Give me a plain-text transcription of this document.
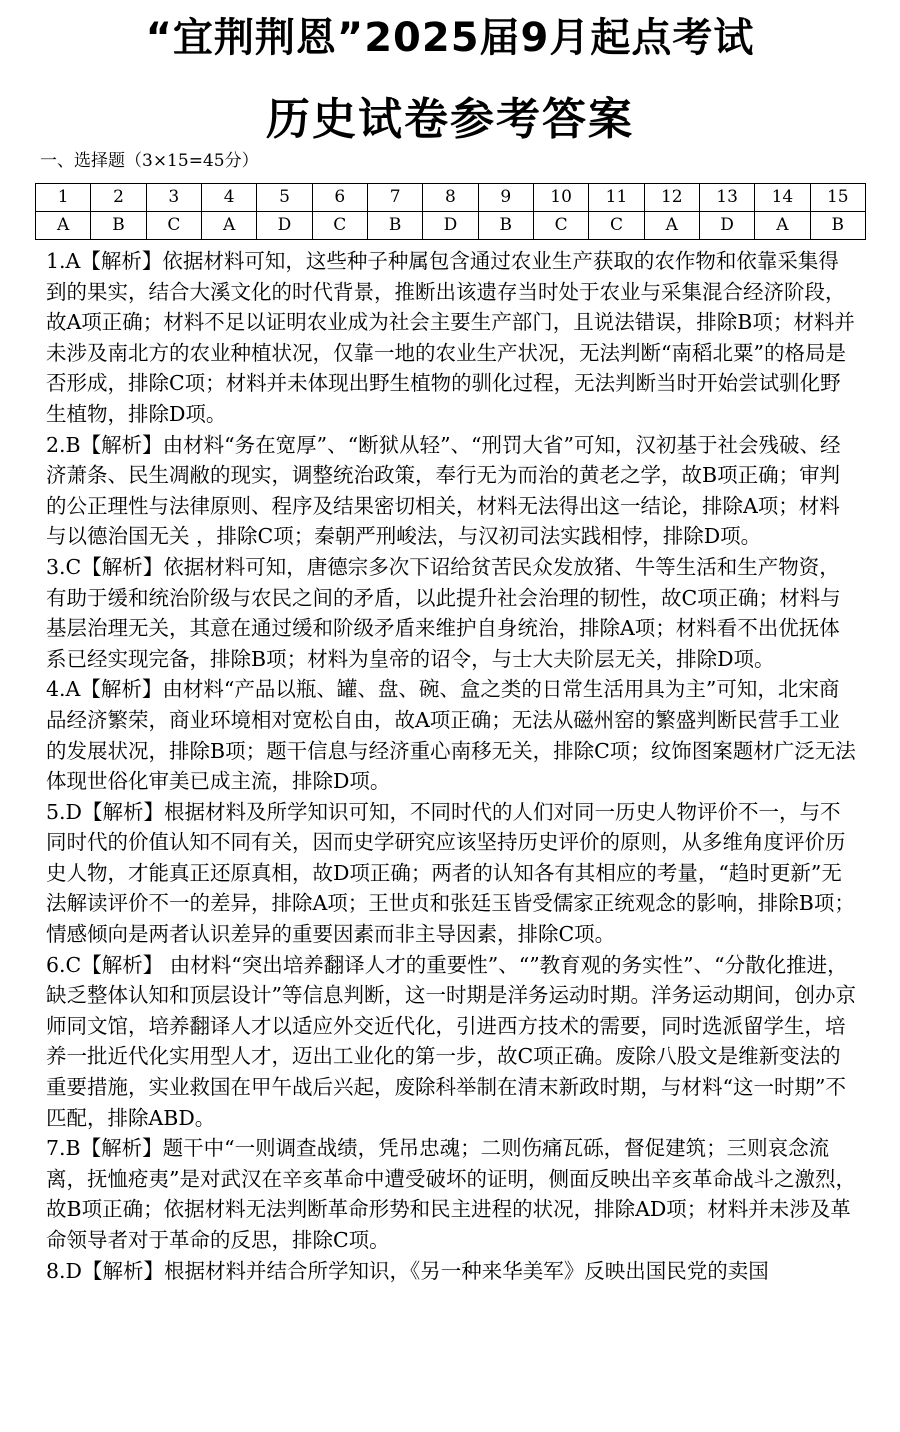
“宜荆荆恩”2025届9月起点考试
历史试卷参考答案
一、选择题（3×15=45分）
1	2	3	4	5	6	7	8	9	10	11	12	13	14	15
A	B	C	A	D	C	B	D	B	C	C	A	D	A	B

1.A【解析】依据材料可知，这些种子种属包含通过农业生产获取的农作物和依靠采集得到的果实，结合大溪文化的时代背景，推断出该遗存当时处于农业与采集混合经济阶段，故A项正确；材料不足以证明农业成为社会主要生产部门，且说法错误，排除B项；材料并未涉及南北方的农业种植状况，仅靠一地的农业生产状况，无法判断“南稻北粟”的格局是否形成，排除C项；材料并未体现出野生植物的驯化过程，无法判断当时开始尝试驯化野生植物，排除D项。

2.B【解析】由材料“务在宽厚”、“断狱从轻”、“刑罚大省”可知，汉初基于社会残破、经济萧条、民生凋敝的现实，调整统治政策，奉行无为而治的黄老之学，故B项正确；审判的公正理性与法律原则、程序及结果密切相关，材料无法得出这一结论，排除A项；材料与以德治国无关 ，排除C项；秦朝严刑峻法，与汉初司法实践相悖，排除D项。

3.C【解析】依据材料可知，唐德宗多次下诏给贫苦民众发放猪、牛等生活和生产物资，有助于缓和统治阶级与农民之间的矛盾，以此提升社会治理的韧性，故C项正确；材料与基层治理无关，其意在通过缓和阶级矛盾来维护自身统治，排除A项；材料看不出优抚体系已经实现完备，排除B项；材料为皇帝的诏令，与士大夫阶层无关，排除D项。

4.A【解析】由材料“产品以瓶、罐、盘、碗、盒之类的日常生活用具为主”可知，北宋商品经济繁荣，商业环境相对宽松自由，故A项正确；无法从磁州窑的繁盛判断民营手工业的发展状况，排除B项；题干信息与经济重心南移无关，排除C项；纹饰图案题材广泛无法体现世俗化审美已成主流，排除D项。

5.D【解析】根据材料及所学知识可知，不同时代的人们对同一历史人物评价不一，与不同时代的价值认知不同有关，因而史学研究应该坚持历史评价的原则，从多维角度评价历史人物，才能真正还原真相，故D项正确；两者的认知各有其相应的考量，“趋时更新”无法解读评价不一的差异，排除A项；王世贞和张廷玉皆受儒家正统观念的影响，排除B项；情感倾向是两者认识差异的重要因素而非主导因素，排除C项。

6.C【解析】 由材料“突出培养翻译人才的重要性”、“”教育观的务实性”、“分散化推进，缺乏整体认知和顶层设计”等信息判断，这一时期是洋务运动时期。洋务运动期间，创办京师同文馆，培养翻译人才以适应外交近代化，引进西方技术的需要，同时选派留学生，培养一批近代化实用型人才，迈出工业化的第一步，故C项正确。废除八股文是维新变法的重要措施，实业救国在甲午战后兴起，废除科举制在清末新政时期，与材料“这一时期”不匹配，排除ABD。

7.B【解析】题干中“一则调查战绩，凭吊忠魂；二则伤痛瓦砾，督促建筑；三则哀念流离，抚恤疮夷”是对武汉在辛亥革命中遭受破坏的证明，侧面反映出辛亥革命战斗之激烈，故B项正确；依据材料无法判断革命形势和民主进程的状况，排除AD项；材料并未涉及革命领导者对于革命的反思，排除C项。

8.D【解析】根据材料并结合所学知识，《另一种来华美军》反映出国民党的卖国
